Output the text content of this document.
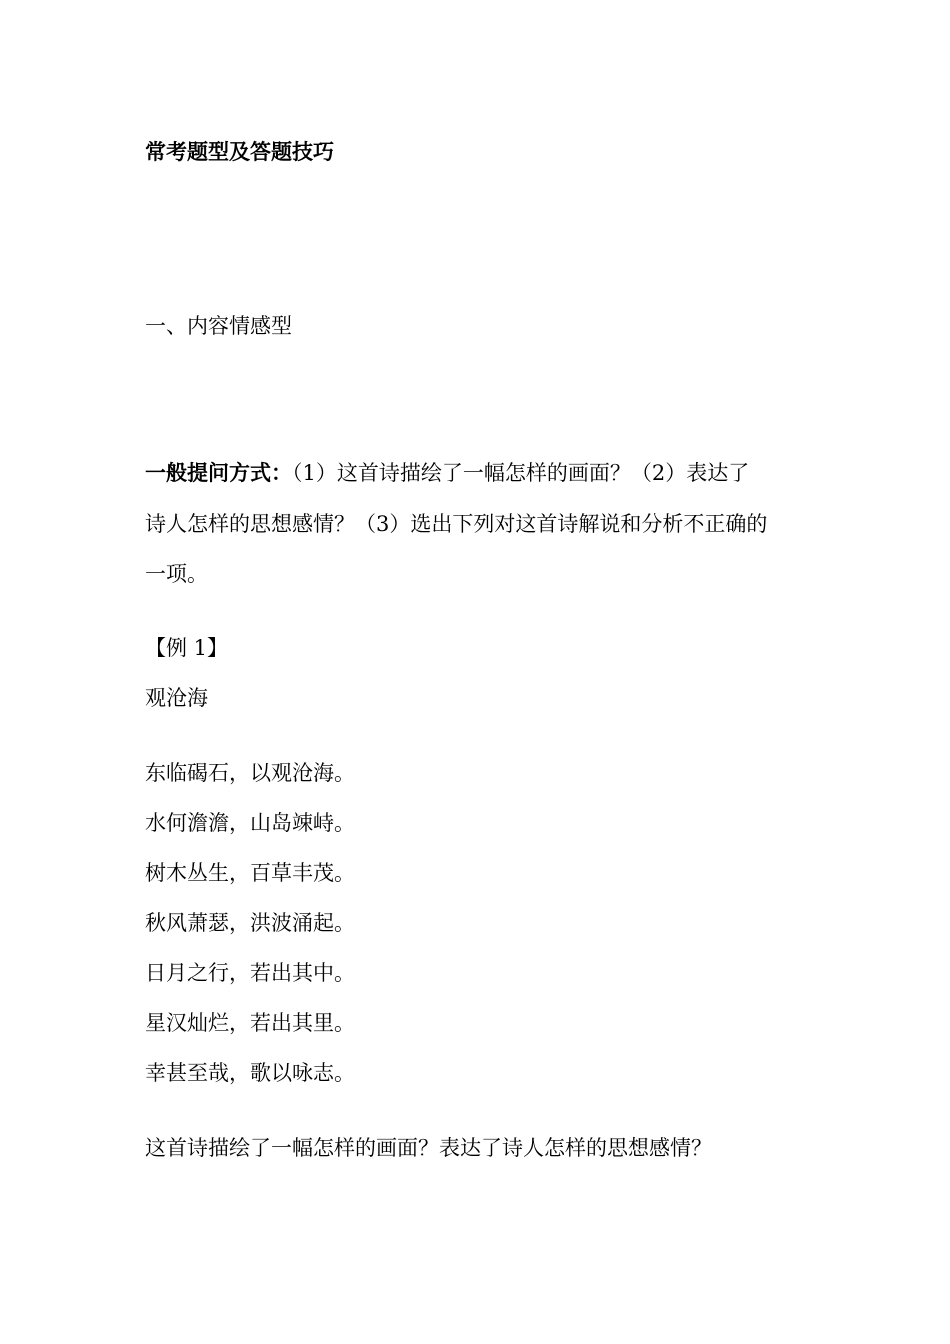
常考题型及答题技巧
一、内容情感型
一般提问方式：（1）这首诗描绘了一幅怎样的画面？（2）表达了
诗人怎样的思想感情？（3）选出下列对这首诗解说和分析不正确的
一项。
【例 1】
观沧海
东临碣石，以观沧海。
水何澹澹，山岛竦峙。
树木丛生，百草丰茂。
秋风萧瑟，洪波涌起。
日月之行，若出其中。
星汉灿烂，若出其里。
幸甚至哉，歌以咏志。
这首诗描绘了一幅怎样的画面？表达了诗人怎样的思想感情？
